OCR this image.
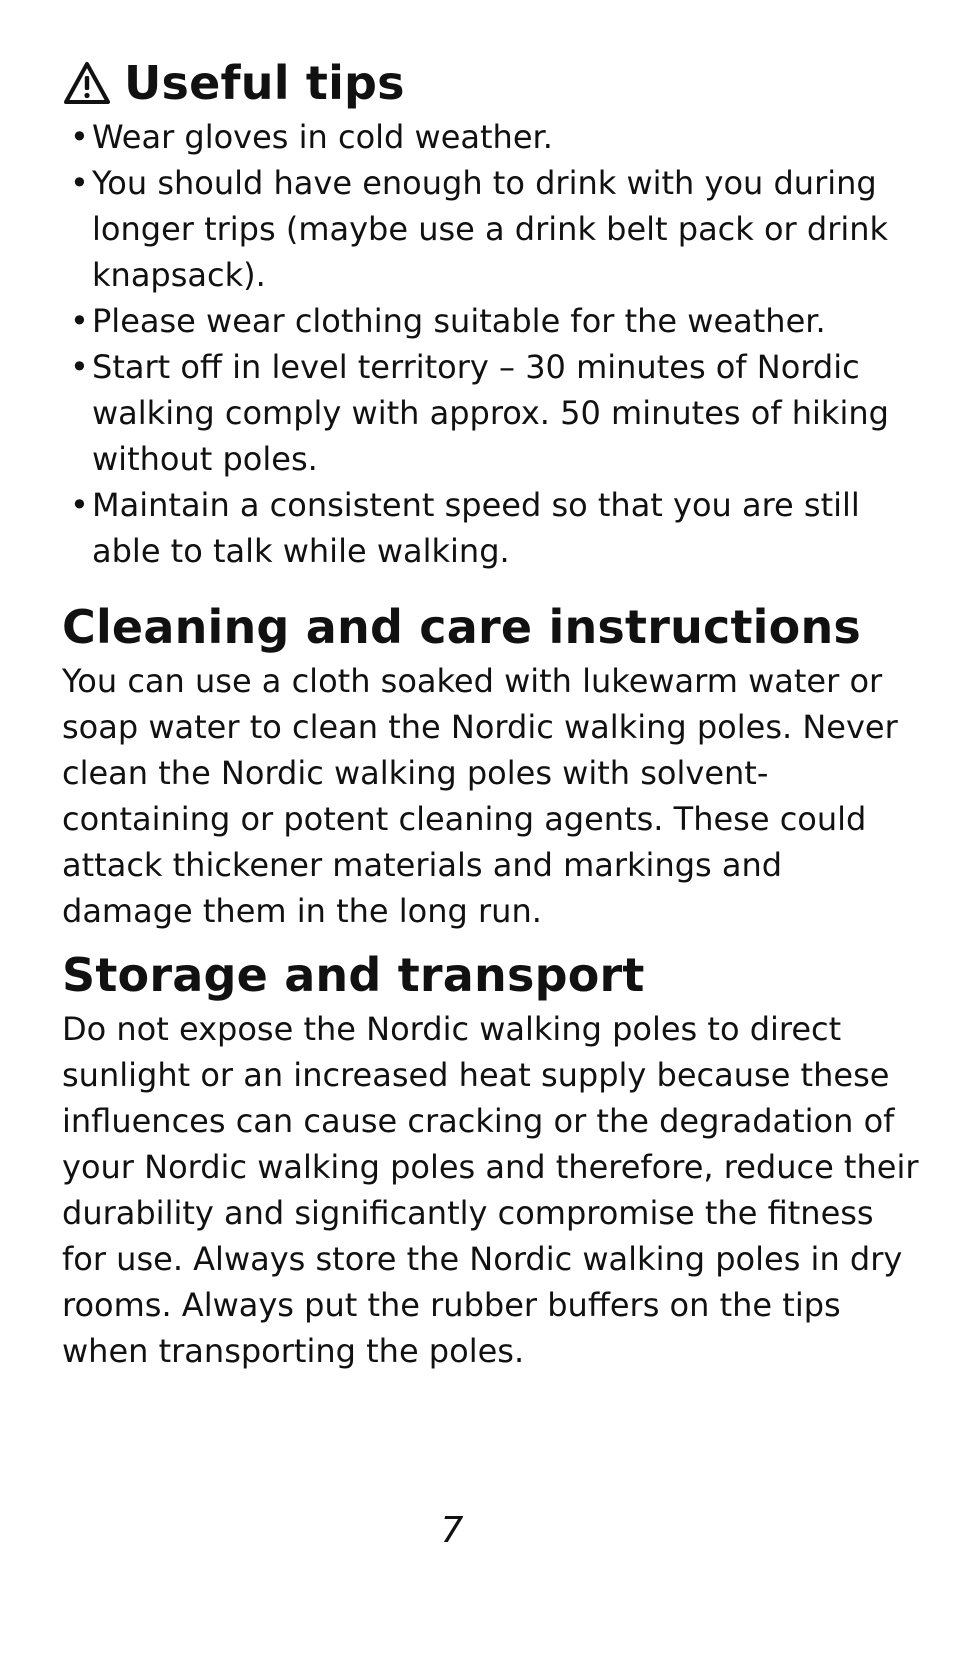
Useful tips
• Wear gloves in cold weather.
• You should have enough to drink with you during longer trips (maybe use a drink belt pack or drink knapsack).
• Please wear clothing suitable for the weather.
• Start off in level territory – 30 minutes of Nordic walking comply with approx. 50 minutes of hiking without poles.
• Maintain a consistent speed so that you are still able to talk while walking.
Cleaning and care instructions

You can use a cloth soaked with lukewarm water or soap water to clean the Nordic walking poles. Never clean the Nordic walking poles with solvent-containing or potent cleaning agents. These could attack thickener materials and markings and damage them in the long run.

Storage and transport

Do not expose the Nordic walking poles to direct sunlight or an increased heat supply because these influences can cause cracking or the degradation of your Nordic walking poles and therefore, reduce their durability and significantly compromise the fitness for use. Always store the Nordic walking poles in dry rooms. Always put the rubber buffers on the tips when transporting the poles.

7
